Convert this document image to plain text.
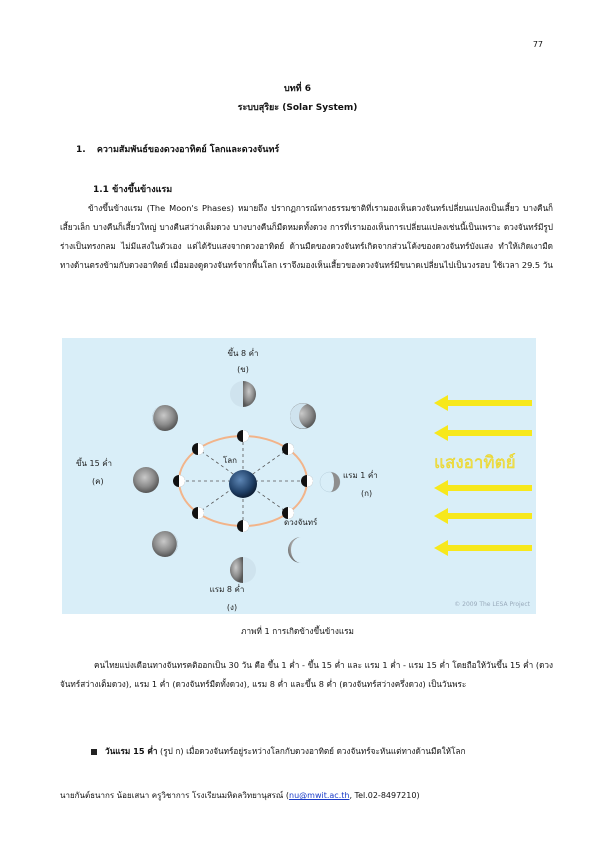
77
บทที่ 6
ระบบสุริยะ (Solar System)
1. ความสัมพันธ์ของดวงอาทิตย์ โลกและดวงจันทร์
1.1 ข้างขึ้นข้างแรม
ข้างขึ้นข้างแรม (The Moon's Phases) หมายถึง ปรากฏการณ์ทางธรรมชาติที่เรามองเห็นดวงจันทร์เปลี่ยนแปลงเป็นเสี้ยว บางคืนก็เสี้ยวเล็ก บางคืนก็เสี้ยวใหญ่ บางคืนสว่างเต็มดวง บางบางคืนก็มืดหมดทั้งดวง การที่เรามองเห็นการเปลี่ยนแปลงเช่นนี้เป็นเพราะ ดวงจันทร์มีรูปร่างเป็นทรงกลม ไม่มีแสงในตัวเอง แต่ได้รับแสงจากดวงอาทิตย์ ด้านมืดของดวงจันทร์เกิดจากส่วนโค้งของดวงจันทร์บังแสง ทำให้เกิดเงามืดทางด้านตรงข้ามกับดวงอาทิตย์ เมื่อมองดูดวงจันทร์จากพื้นโลก เราจึงมองเห็นเสี้ยวของดวงจันทร์มีขนาดเปลี่ยนไปเป็นวงรอบ ใช้เวลา 29.5 วัน
ขึ้น 8 ค่ำ
(ข)
ขึ้น 15 ค่ำ
(ค)
แรม 1 ค่ำ
(ก)
แรม 8 ค่ำ
(ง)
โลก
ดวงจันทร์
แสงอาทิตย์
© 2009 The LESA Project
ภาพที่ 1 การเกิดข้างขึ้นข้างแรม
คนไทยแบ่งเดือนทางจันทรคติออกเป็น 30 วัน คือ ขึ้น 1 ค่ำ - ขึ้น 15 ค่ำ และ แรม 1 ค่ำ - แรม 15 ค่ำ โดยถือให้วันขึ้น 15 ค่ำ (ดวงจันทร์สว่างเต็มดวง), แรม 1 ค่ำ (ดวงจันทร์มืดทั้งดวง), แรม 8 ค่ำ และขึ้น 8 ค่ำ (ดวงจันทร์สว่างครึ่งดวง) เป็นวันพระ
วันแรม 15 ค่ำ (รูป ก) เมื่อดวงจันทร์อยู่ระหว่างโลกกับดวงอาทิตย์ ดวงจันทร์จะหันแต่ทางด้านมืดให้โลก
นายกันต์ธนากร น้อยเสนา ครูวิชาการ โรงเรียนมหิดลวิทยานุสรณ์ (nu@mwit.ac.th, Tel.02-8497210)
